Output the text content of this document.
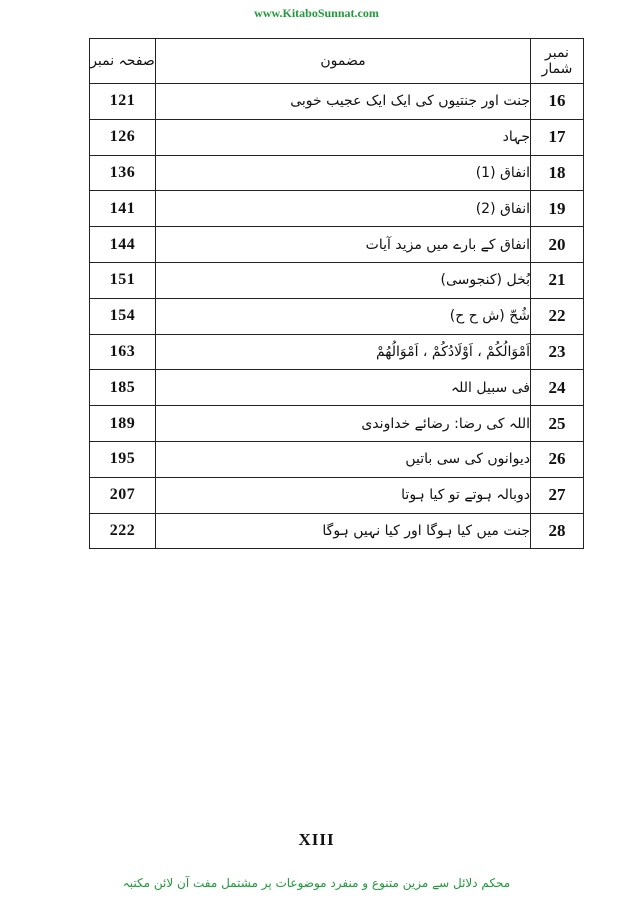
www.KitaboSunnat.com
صفحہ نمبر	مضمون	نمبر شمار
121	جنت اور جنتیوں کی ایک ایک عجیب خوبی	16
126	جہاد	17
136	انفاق (1)	18
141	انفاق (2)	19
144	انفاق کے بارے میں مزید آیات	20
151	بُخل (کنجوسی)	21
154	شُحّ (ش ح ح)	22
163	اَمْوَالُکُمْ ، اَوْلَادُکُمْ ، اَمْوَالُھُمْ	23
185	فی سبیل اللہ	24
189	اللہ کی رضا: رضائے خداوندی	25
195	دیوانوں کی سی باتیں	26
207	دوبالہ ہوتے تو کیا ہوتا	27
222	جنت میں کیا ہوگا اور کیا نہیں ہوگا	28
XIII
محکم دلائل سے مزین متنوع و منفرد موضوعات پر مشتمل مفت آن لائن مکتبہ
